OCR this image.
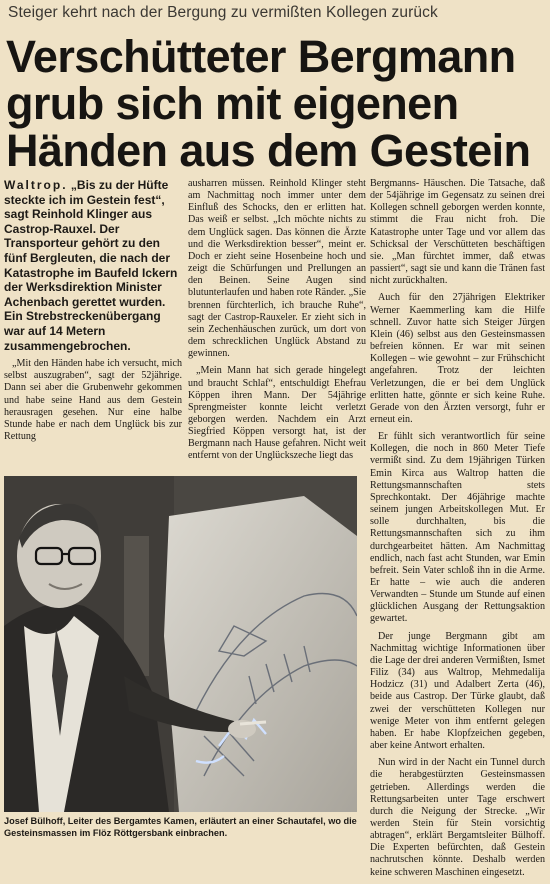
Steiger kehrt nach der Bergung zu vermißten Kollegen zurück
Verschütteter Bergmann
grub sich mit eigenen
Händen aus dem Gestein

Waltrop. „Bis zu der Hüfte steckte ich im Gestein fest“, sagt Reinhold Klinger aus Castrop-Rauxel. Der Transporteur gehört zu den fünf Bergleuten, die nach der Katastrophe im Baufeld Ickern der Werksdirektion Minister Achenbach gerettet wurden. Ein Strebstreckenübergang war auf 14 Metern zusammengebrochen.

„Mit den Händen habe ich versucht, mich selbst auszugraben“, sagt der 52jährige. Dann sei aber die Grubenwehr gekommen und habe seine Hand aus dem Gestein herausragen gesehen. Nur eine halbe Stunde habe er nach dem Unglück bis zur Rettung

ausharren müssen. Reinhold Klinger steht am Nachmittag noch immer unter dem Einfluß des Schocks, den er erlitten hat. Das weiß er selbst. „Ich möchte nichts zu dem Unglück sagen. Das können die Ärzte und die Werksdirektion besser“, meint er. Doch er zieht seine Hosenbeine hoch und zeigt die Schürfungen und Prellungen an den Beinen. Seine Augen sind blutunterlaufen und haben rote Ränder. „Sie brennen fürchterlich, ich brauche Ruhe“, sagt der Castrop-Rauxeler. Er zieht sich in sein Zechenhäuschen zurück, um dort von dem schrecklichen Unglück Abstand zu gewinnen.

„Mein Mann hat sich gerade hingelegt und braucht Schlaf“, entschuldigt Ehefrau Köppen ihren Mann. Der 54jährige Sprengmeister konnte leicht verletzt geborgen werden. Nachdem ein Arzt Siegfried Köppen versorgt hat, ist der Bergmann nach Hause gefahren. Nicht weit entfernt von der Unglückszeche liegt das

Bergmanns- Häuschen. Die Tatsache, daß der 54jährige im Gegensatz zu seinen drei Kollegen schnell geborgen werden konnte, stimmt die Frau nicht froh. Die Katastrophe unter Tage und vor allem das Schicksal der Verschütteten beschäftigen sie. „Man fürchtet immer, daß etwas passiert“, sagt sie und kann die Tränen fast nicht zurückhalten.

Auch für den 27jährigen Elektriker Werner Kaemmerling kam die Hilfe schnell. Zuvor hatte sich Steiger Jürgen Klein (46) selbst aus den Gesteinsmassen befreien können. Er war mit seinen Kollegen – wie gewohnt – zur Frühschicht angefahren. Trotz der leichten Verletzungen, die er bei dem Unglück erlitten hatte, gönnte er sich keine Ruhe. Gerade von den Ärzten versorgt, fuhr er erneut ein.

Er fühlt sich verantwortlich für seine Kollegen, die noch in 860 Meter Tiefe vermißt sind. Zu dem 19jährigen Türken Emin Kirca aus Waltrop hatten die Rettungsmannschaften stets Sprechkontakt. Der 46jährige machte seinem jungen Arbeitskollegen Mut. Er solle durchhalten, bis die Rettungsmannschaften sich zu ihm durchgearbeitet hätten. Am Nachmittag endlich, nach fast acht Stunden, war Emin befreit. Sein Vater schloß ihn in die Arme. Er hatte – wie auch die anderen Verwandten – Stunde um Stunde auf einen glücklichen Ausgang der Rettungsaktion gewartet.

Der junge Bergmann gibt am Nachmittag wichtige Informationen über die Lage der drei anderen Vermißten, Ismet Filiz (34) aus Waltrop, Mehmedalija Hodzicz (31) und Adalbert Zerta (46), beide aus Castrop. Der Türke glaubt, daß zwei der verschütteten Kollegen nur wenige Meter von ihm entfernt gelegen haben. Er habe Klopfzeichen gegeben, aber keine Antwort erhalten.

Nun wird in der Nacht ein Tunnel durch die herabgestürzten Gesteinsmassen getrieben. Allerdings werden die Rettungsarbeiten unter Tage erschwert durch die Neigung der Strecke. „Wir werden Stein für Stein vorsichtig abtragen“, erklärt Bergamtsleiter Bülhoff. Die Experten befürchten, daß Gestein nachrutschen könnte. Deshalb werden keine schweren Maschinen eingesetzt.

Josef Bülhoff, Leiter des Bergamtes Kamen, erläutert an einer Schautafel, wo die Gesteinsmassen im Flöz Röttgersbank einbrachen.
